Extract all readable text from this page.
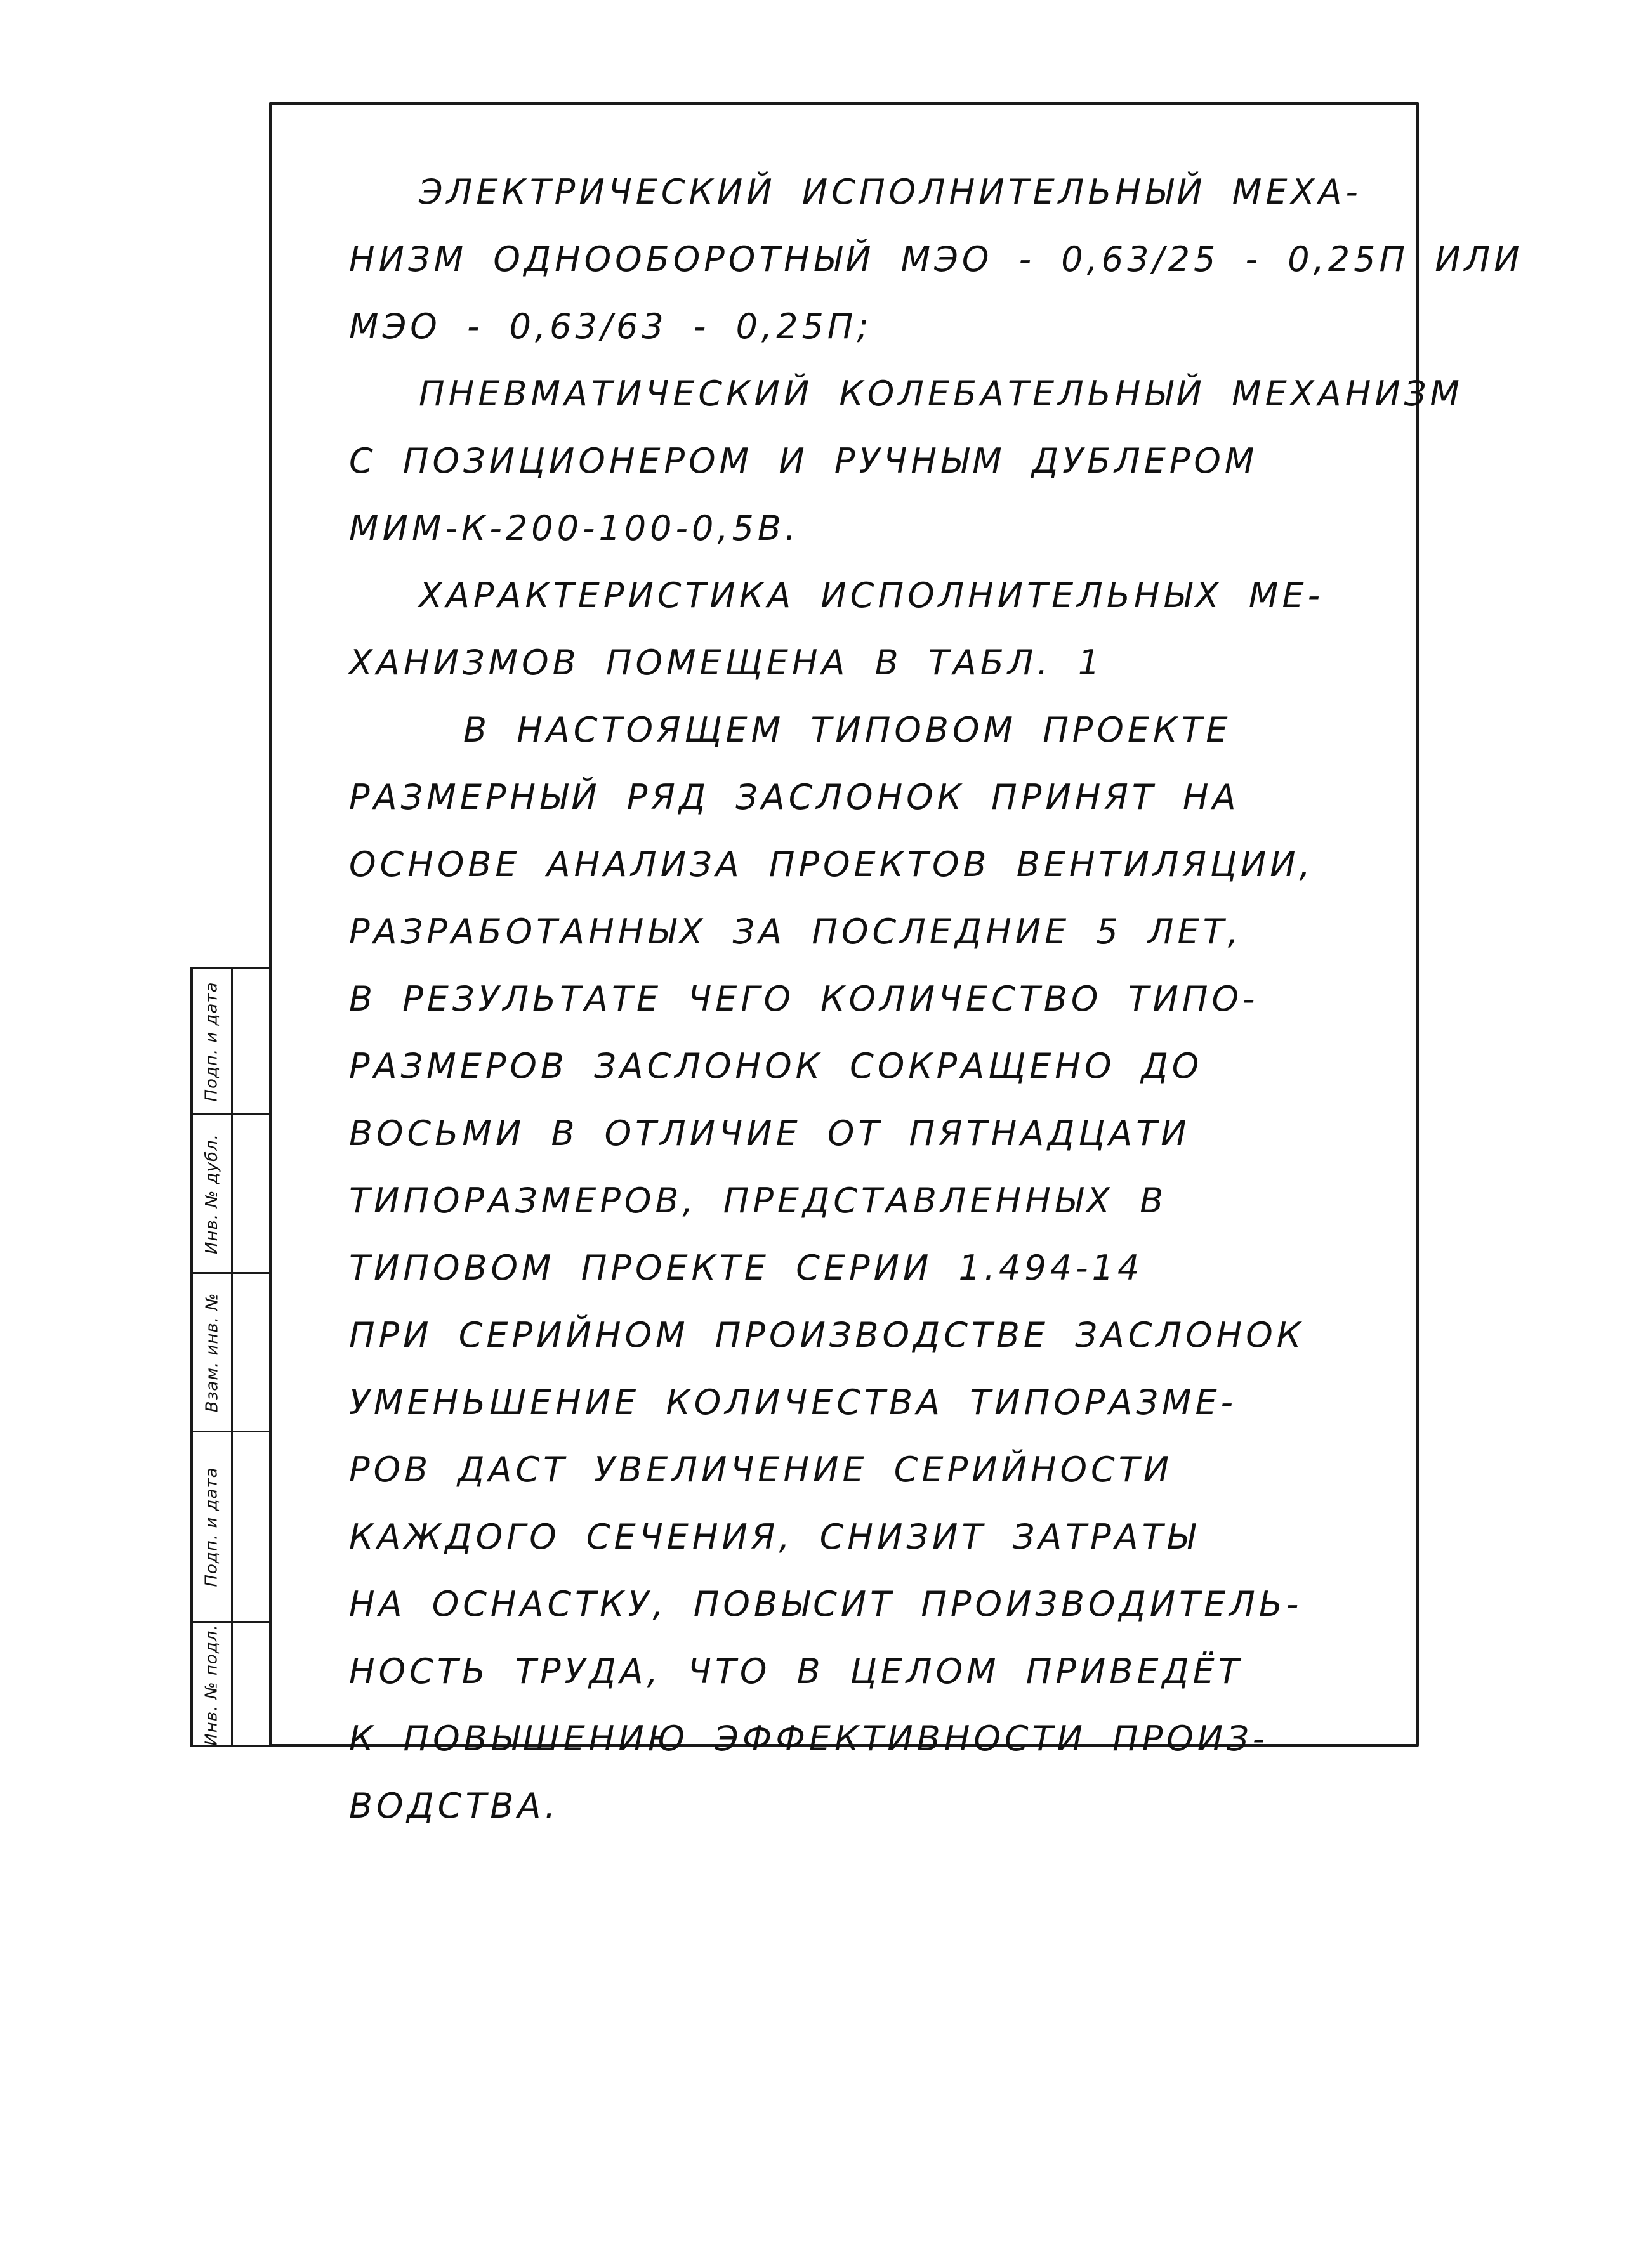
Подп. и дата
Инв. № дубл.
Взам. инв. №
Подп. и дата
Инв. № подл.
ЭЛЕКТРИЧЕСКИЙ ИСПОЛНИТЕЛЬНЫЙ МЕХА-
НИЗМ ОДНООБОРОТНЫЙ МЭО - 0,63/25 - 0,25П ИЛИ
МЭО - 0,63/63 - 0,25П;
ПНЕВМАТИЧЕСКИЙ КОЛЕБАТЕЛЬНЫЙ МЕХАНИЗМ
С ПОЗИЦИОНЕРОМ И РУЧНЫМ ДУБЛЕРОМ
МИМ-К-200-100-0,5В.
ХАРАКТЕРИСТИКА ИСПОЛНИТЕЛЬНЫХ МЕ-
ХАНИЗМОВ ПОМЕЩЕНА В ТАБЛ. 1
В НАСТОЯЩЕМ ТИПОВОМ ПРОЕКТЕ
РАЗМЕРНЫЙ РЯД ЗАСЛОНОК ПРИНЯТ НА
ОСНОВЕ АНАЛИЗА ПРОЕКТОВ ВЕНТИЛЯЦИИ,
РАЗРАБОТАННЫХ ЗА ПОСЛЕДНИЕ 5 ЛЕТ,
В РЕЗУЛЬТАТЕ ЧЕГО КОЛИЧЕСТВО ТИПО-
РАЗМЕРОВ ЗАСЛОНОК СОКРАЩЕНО ДО
ВОСЬМИ В ОТЛИЧИЕ ОТ ПЯТНАДЦАТИ
ТИПОРАЗМЕРОВ, ПРЕДСТАВЛЕННЫХ В
ТИПОВОМ ПРОЕКТЕ СЕРИИ 1.494-14
ПРИ СЕРИЙНОМ ПРОИЗВОДСТВЕ ЗАСЛОНОК
УМЕНЬШЕНИЕ КОЛИЧЕСТВА ТИПОРАЗМЕ-
РОВ ДАСТ УВЕЛИЧЕНИЕ СЕРИЙНОСТИ
КАЖДОГО СЕЧЕНИЯ, СНИЗИТ ЗАТРАТЫ
НА ОСНАСТКУ, ПОВЫСИТ ПРОИЗВОДИТЕЛЬ-
НОСТЬ ТРУДА, ЧТО В ЦЕЛОМ ПРИВЕДЁТ
К ПОВЫШЕНИЮ ЭФФЕКТИВНОСТИ ПРОИЗ-
ВОДСТВА.
